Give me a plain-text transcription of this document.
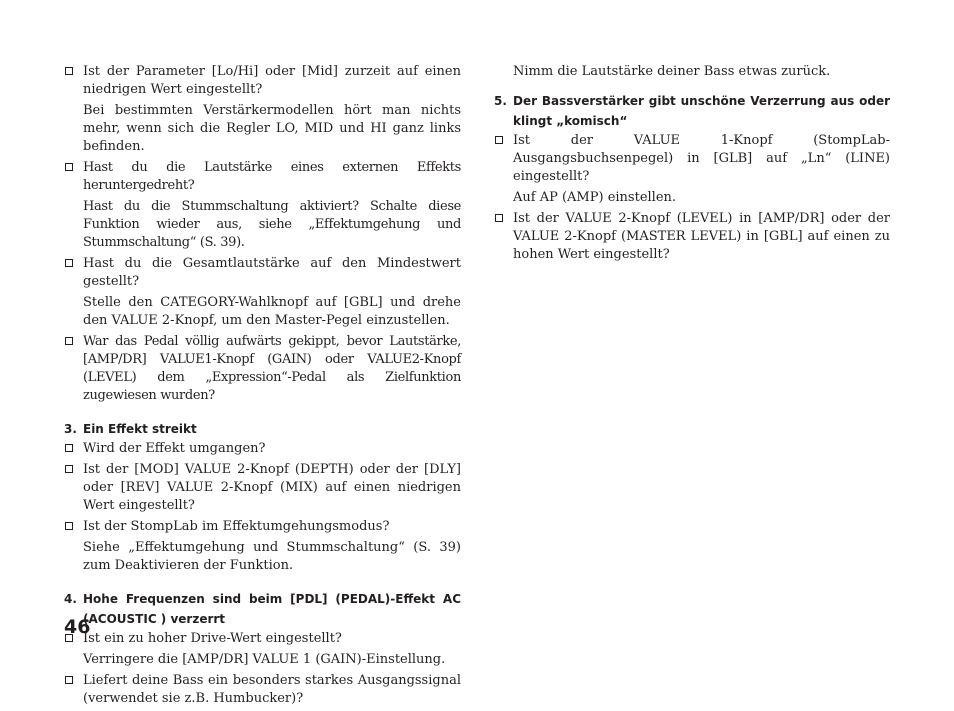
Ist der Parameter [Lo/Hi] oder [Mid] zurzeit auf einen niedrigen Wert eingestellt?
Bei bestimmten Verstärkermodellen hört man nichts mehr, wenn sich die Regler LO, MID und HI ganz links befinden.
Hast du die Lautstärke eines externen Effekts heruntergedreht?
Hast du die Stummschaltung aktiviert? Schalte diese Funktion wieder aus, siehe „Effektumgehung und Stummschaltung“ (S. 39).
Hast du die Gesamtlautstärke auf den Mindestwert gestellt?
Stelle den CATEGORY-Wahlknopf auf [GBL] und drehe den VALUE 2-Knopf, um den Master-Pegel einzustellen.
War das Pedal völlig aufwärts gekippt, bevor Lautstärke, [AMP/DR] VALUE1-Knopf (GAIN) oder VALUE2-Knopf (LEVEL) dem „Expression“-Pedal als Zielfunktion zugewiesen wurden?
3. Ein Effekt streikt
Wird der Effekt umgangen?
Ist der [MOD] VALUE 2-Knopf (DEPTH) oder der [DLY] oder [REV] VALUE 2-Knopf (MIX) auf einen niedrigen Wert eingestellt?
Ist der StompLab im Effektumgehungsmodus?
Siehe „Effektumgehung und Stummschaltung“ (S. 39) zum Deaktivieren der Funktion.
4. Hohe Frequenzen sind beim [PDL] (PEDAL)-Effekt AC (ACOUSTIC ) verzerrt
Ist ein zu hoher Drive-Wert eingestellt?
Verringere die [AMP/DR] VALUE 1 (GAIN)-Einstellung.
Liefert deine Bass ein besonders starkes Ausgangssignal (verwendet sie z.B. Humbucker)?
Nimm die Lautstärke deiner Bass etwas zurück.
5. Der Bassverstärker gibt unschöne Verzerrung aus oder klingt „komisch“
Ist der VALUE 1-Knopf (StompLab-Ausgangsbuchsenpegel) in [GLB] auf „Ln“ (LINE) eingestellt?
Auf AP (AMP) einstellen.
Ist der VALUE 2-Knopf (LEVEL) in [AMP/DR] oder der VALUE 2-Knopf (MASTER LEVEL) in [GBL] auf einen zu hohen Wert eingestellt?
46
